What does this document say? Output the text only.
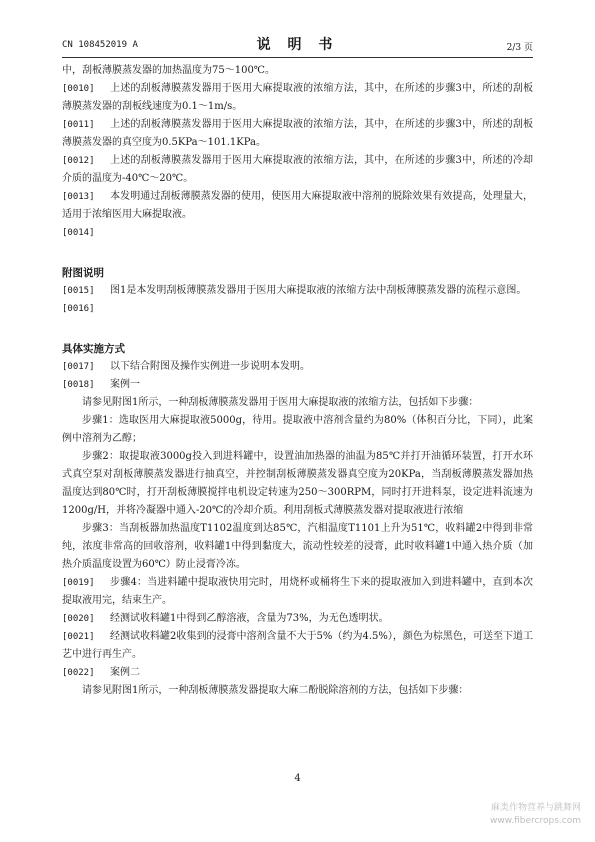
CN 108452019 A	说 明 书	2/3 页

中，刮板薄膜蒸发器的加热温度为75～100℃。

[0010] 上述的刮板薄膜蒸发器用于医用大麻提取液的浓缩方法，其中，在所述的步骤3中，所述的刮板薄膜蒸发器的刮板线速度为0.1～1m/s。

[0011] 上述的刮板薄膜蒸发器用于医用大麻提取液的浓缩方法，其中，在所述的步骤3中，所述的刮板薄膜蒸发器的真空度为0.5KPa～101.1KPa。

[0012] 上述的刮板薄膜蒸发器用于医用大麻提取液的浓缩方法，其中，在所述的步骤3中，所述的冷却介质的温度为-40℃～20℃。

[0013] 本发明通过刮板薄膜蒸发器的使用，使医用大麻提取液中溶剂的脱除效果有效提高，处理量大，适用于浓缩医用大麻提取液。

[0014]

附图说明

[0015] 图1是本发明刮板薄膜蒸发器用于医用大麻提取液的浓缩方法中刮板薄膜蒸发器的流程示意图。

[0016]

具体实施方式

[0017] 以下结合附图及操作实例进一步说明本发明。

[0018] 案例一

请参见附图1所示，一种刮板薄膜蒸发器用于医用大麻提取液的浓缩方法，包括如下步骤：

步骤1：选取医用大麻提取液5000g，待用。提取液中溶剂含量约为80%（体积百分比，下同），此案例中溶剂为乙醇；

步骤2：取提取液3000g投入到进料罐中，设置油加热器的油温为85℃并打开油循环装置，打开水环式真空泵对刮板薄膜蒸发器进行抽真空，并控制刮板薄膜蒸发器真空度为20KPa，当刮板薄膜蒸发器加热温度达到80℃时，打开刮板薄膜搅拌电机设定转速为250～300RPM，同时打开进料泵，设定进料流速为1200g/H，并将冷凝器中通入-20℃的冷却介质。利用刮板式薄膜蒸发器对提取液进行浓缩

步骤3：当刮板器加热温度T1102温度到达85℃，汽相温度T1101上升为51℃，收料罐2中得到非常纯，浓度非常高的回收溶剂，收料罐1中得到黏度大，流动性较差的浸膏，此时收料罐1中通入热介质（加热介质温度设置为60℃）防止浸膏冷冻。

[0019] 步骤4：当进料罐中提取液快用完时，用烧杯或桶将生下来的提取液加入到进料罐中，直到本次提取液用完，结束生产。

[0020] 经测试收料罐1中得到乙醇溶液，含量为73%，为无色透明状。

[0021] 经测试收料罐2收集到的浸膏中溶剂含量不大于5%（约为4.5%），颜色为棕黑色，可送至下道工艺中进行再生产。

[0022] 案例二

请参见附图1所示，一种刮板薄膜蒸发器提取大麻二酚脱除溶剂的方法，包括如下步骤：

4
麻类作物营养与跳舞网
www.fibercrops.com
